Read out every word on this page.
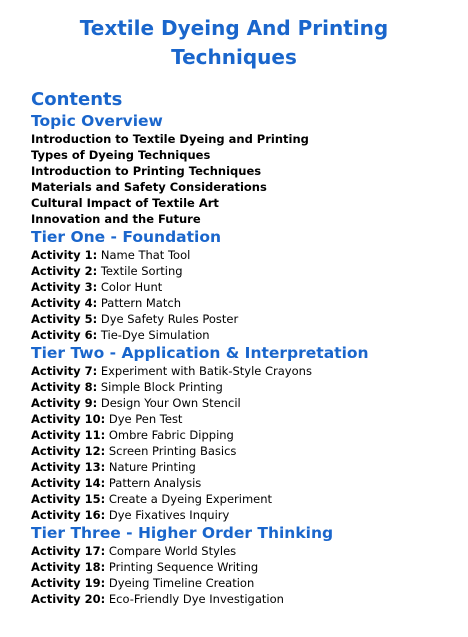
Textile Dyeing And Printing
Techniques
Contents
Topic Overview
Introduction to Textile Dyeing and Printing
Types of Dyeing Techniques
Introduction to Printing Techniques
Materials and Safety Considerations
Cultural Impact of Textile Art
Innovation and the Future
Tier One - Foundation
Activity 1: Name That Tool
Activity 2: Textile Sorting
Activity 3: Color Hunt
Activity 4: Pattern Match
Activity 5: Dye Safety Rules Poster
Activity 6: Tie-Dye Simulation
Tier Two - Application & Interpretation
Activity 7: Experiment with Batik-Style Crayons
Activity 8: Simple Block Printing
Activity 9: Design Your Own Stencil
Activity 10: Dye Pen Test
Activity 11: Ombre Fabric Dipping
Activity 12: Screen Printing Basics
Activity 13: Nature Printing
Activity 14: Pattern Analysis
Activity 15: Create a Dyeing Experiment
Activity 16: Dye Fixatives Inquiry
Tier Three - Higher Order Thinking
Activity 17: Compare World Styles
Activity 18: Printing Sequence Writing
Activity 19: Dyeing Timeline Creation
Activity 20: Eco-Friendly Dye Investigation
